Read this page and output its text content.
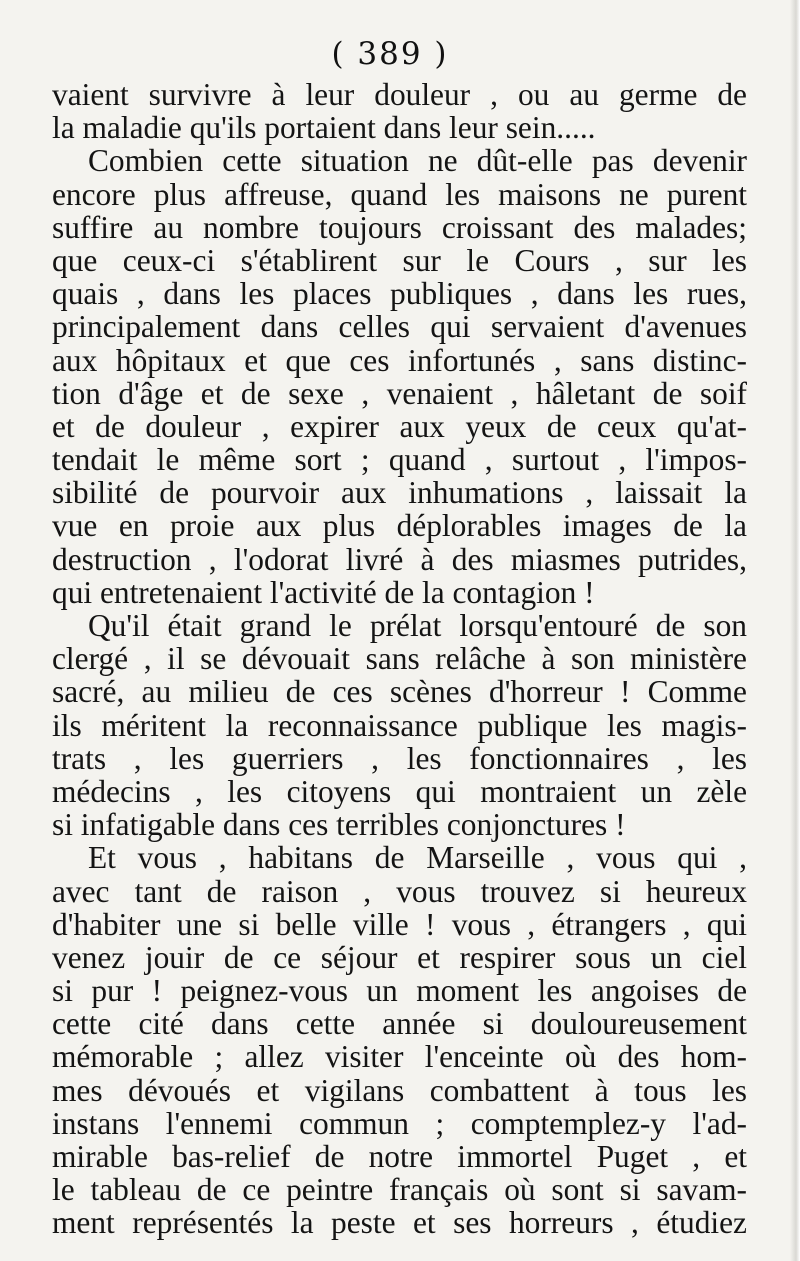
( 389 )
vaient survivre à leur douleur , ou au germe de
la maladie qu'ils portaient dans leur sein.....
Combien cette situation ne dût-elle pas devenir
encore plus affreuse, quand les maisons ne purent
suffire au nombre toujours croissant des malades;
que ceux-ci s'établirent sur le Cours , sur les
quais , dans les places publiques , dans les rues,
principalement dans celles qui servaient d'avenues
aux hôpitaux et que ces infortunés , sans distinc-
tion d'âge et de sexe , venaient , hâletant de soif
et de douleur , expirer aux yeux de ceux qu'at-
tendait le même sort ; quand , surtout , l'impos-
sibilité de pourvoir aux inhumations , laissait la
vue en proie aux plus déplorables images de la
destruction , l'odorat livré à des miasmes putrides,
qui entretenaient l'activité de la contagion !
Qu'il était grand le prélat lorsqu'entouré de son
clergé , il se dévouait sans relâche à son ministère
sacré, au milieu de ces scènes d'horreur ! Comme
ils méritent la reconnaissance publique les magis-
trats , les guerriers , les fonctionnaires , les
médecins , les citoyens qui montraient un zèle
si infatigable dans ces terribles conjonctures !
Et vous , habitans de Marseille , vous qui ,
avec tant de raison , vous trouvez si heureux
d'habiter une si belle ville ! vous , étrangers , qui
venez jouir de ce séjour et respirer sous un ciel
si pur ! peignez-vous un moment les angoises de
cette cité dans cette année si douloureusement
mémorable ; allez visiter l'enceinte où des hom-
mes dévoués et vigilans combattent à tous les
instans l'ennemi commun ; comptemplez-y l'ad-
mirable bas-relief de notre immortel Puget , et
le tableau de ce peintre français où sont si savam-
ment représentés la peste et ses horreurs , étudiez
